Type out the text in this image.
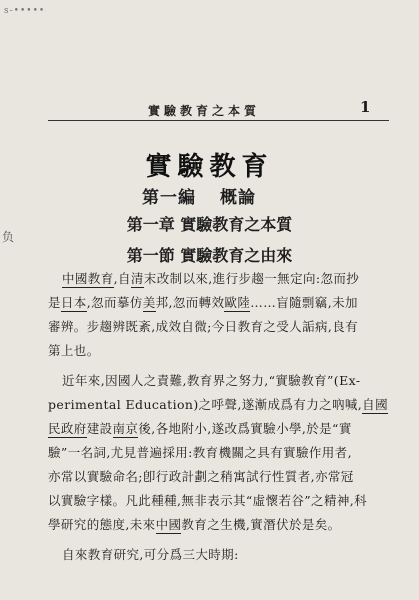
s-•••••
實驗教育之本質	1
實驗教育
第一編 概論
第一章 實驗教育之本質
第一節 實驗教育之由來
负
中國教育,自清末改制以來,進行步趨一無定向:忽而抄
是日本,忽而摹仿美邦,忽而轉效歐陸……盲隨剽竊,未加
審辨。步趨辨既紊,成效自微;今日教育之受人詬病,良有
第上也。
近年來,因國人之責難,教育界之努力,“實驗教育”(Ex-
perimental Education)之呼聲,遂漸成爲有力之吶喊,自國
民政府建設南京後,各地附小,遂改爲實驗小學,於是“實
驗”一名詞,尤見普遍採用:教育機關之具有實驗作用者,
亦常以實驗命名;卽行政計劃之稍寓試行性質者,亦常冠
以實驗字樣。凡此種種,無非表示其“虛懷若谷”之精神,科
學研究的態度,未來中國教育之生機,實潛伏於是矣。
自來教育研究,可分爲三大時期:
